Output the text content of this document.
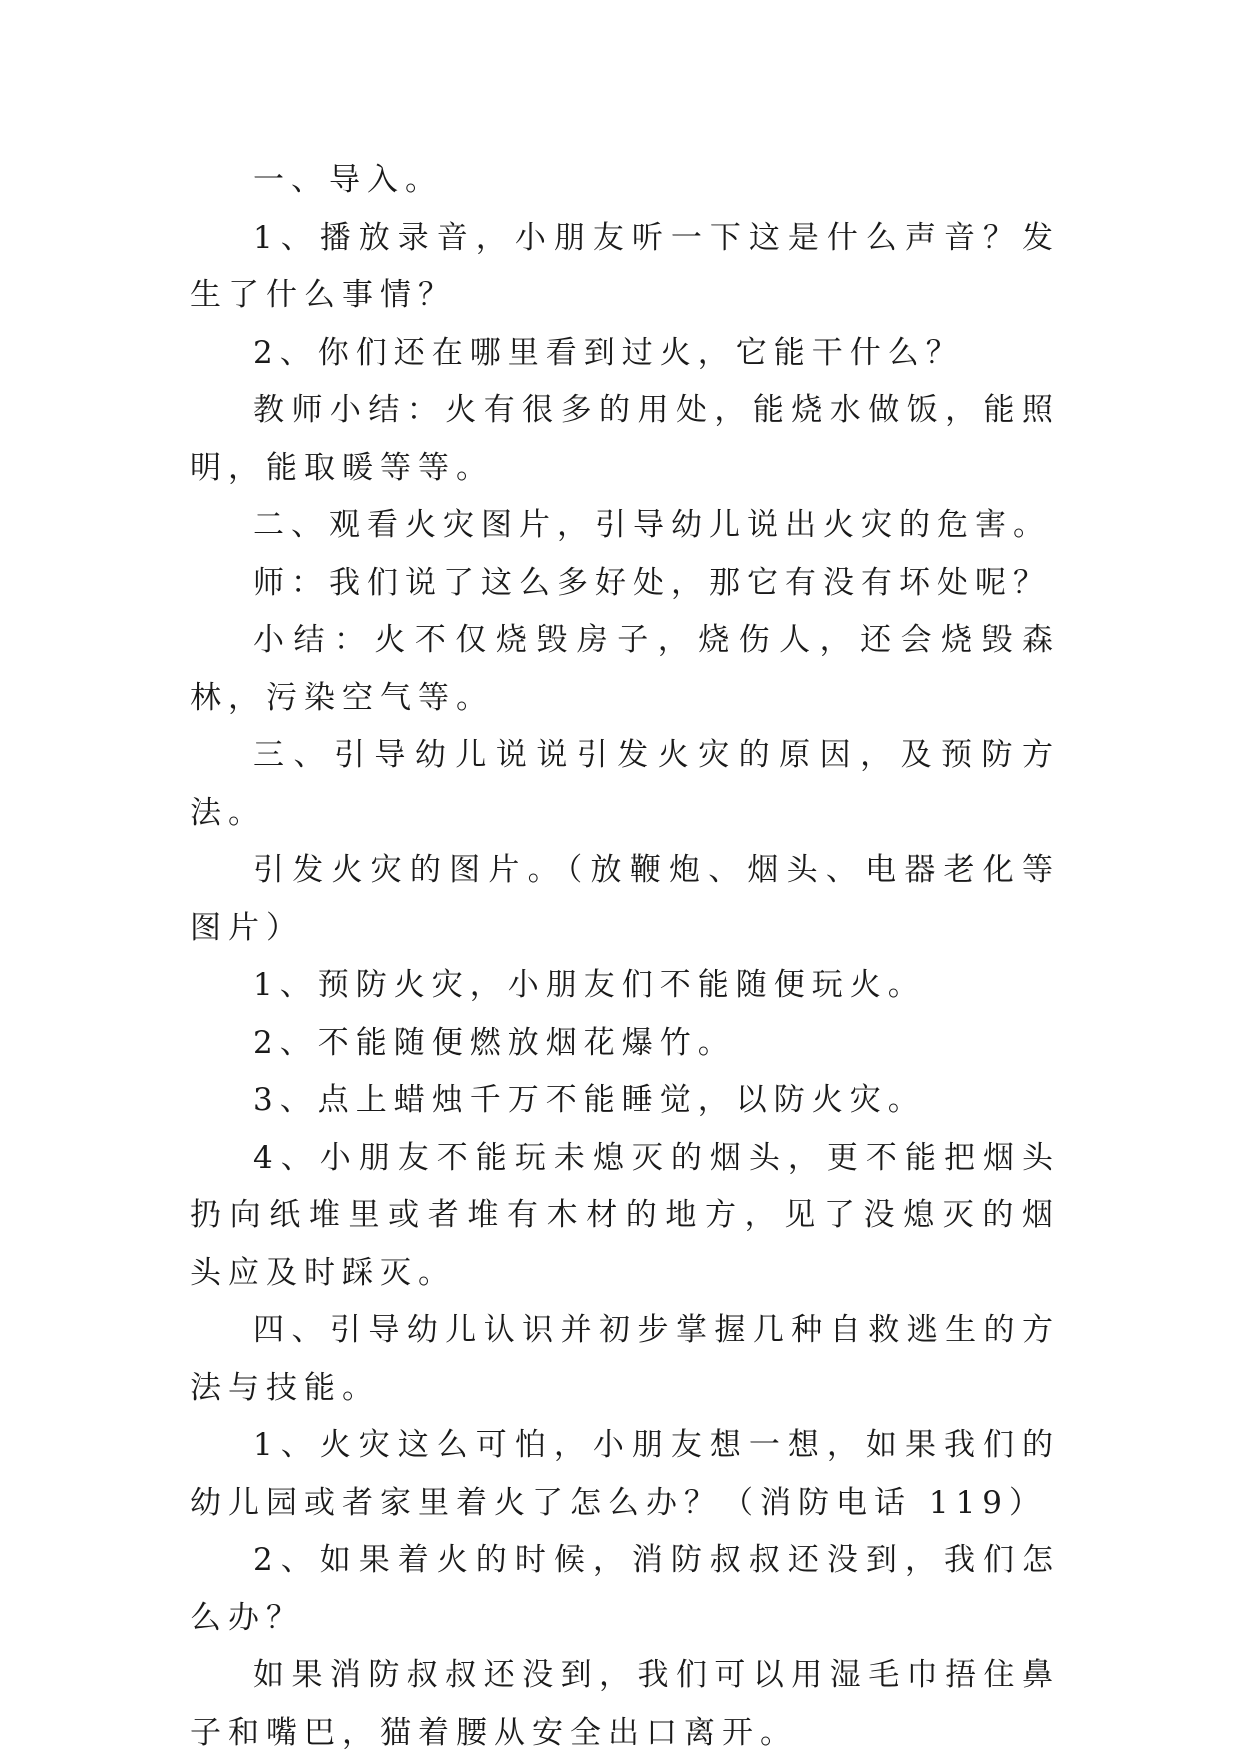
一、导入。

1、播放录音，小朋友听一下这是什么声音？发生了什么事情？

2、你们还在哪里看到过火，它能干什么？

教师小结：火有很多的用处，能烧水做饭，能照明，能取暖等等。

二、观看火灾图片，引导幼儿说出火灾的危害。

师：我们说了这么多好处，那它有没有坏处呢？

小结：火不仅烧毁房子，烧伤人，还会烧毁森林，污染空气等。

三、引导幼儿说说引发火灾的原因，及预防方法。

引发火灾的图片。（放鞭炮、烟头、电器老化等图片）

1、预防火灾，小朋友们不能随便玩火。

2、不能随便燃放烟花爆竹。

3、点上蜡烛千万不能睡觉，以防火灾。

4、小朋友不能玩未熄灭的烟头，更不能把烟头扔向纸堆里或者堆有木材的地方，见了没熄灭的烟头应及时踩灭。

四、引导幼儿认识并初步掌握几种自救逃生的方法与技能。

1、火灾这么可怕，小朋友想一想，如果我们的幼儿园或者家里着火了怎么办？（消防电话 119）

2、如果着火的时候，消防叔叔还没到，我们怎么办？

如果消防叔叔还没到，我们可以用湿毛巾捂住鼻子和嘴巴，猫着腰从安全出口离开。
